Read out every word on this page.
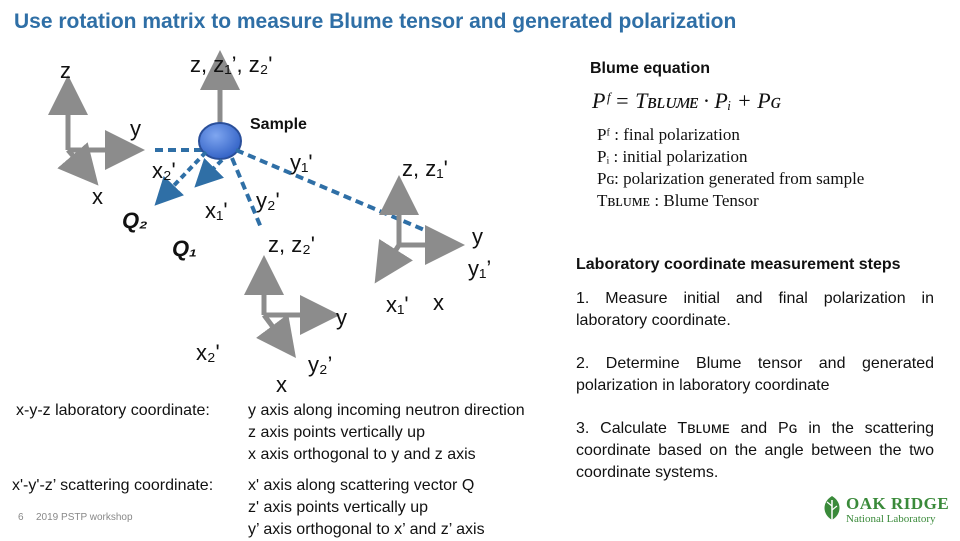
Use rotation matrix to measure Blume tensor and generated polarization
z	z, z₁’, z₂'
y
x
Sample
x₂'	y₁'
x₁' y₂'
Q₂
Q₁
z, z₁'
y
y₁’
x₁' x
z, z₂'
y
x₂'
x
y₂’
Blume equation
Pᶠ = Tʙʟᴜᴍᴇ · Pᵢ + Pɢ
Pᶠ : final polarization
Pᵢ : initial polarization
Pɢ: polarization generated from sample
Tʙʟᴜᴍᴇ : Blume Tensor
Laboratory coordinate measurement steps
1. Measure initial and final polarization in laboratory coordinate.
2. Determine Blume tensor and generated polarization in laboratory coordinate
3. Calculate Tʙʟᴜᴍᴇ and Pɢ in the scattering coordinate based on the angle between the two coordinate systems.
x-y-z laboratory coordinate: y axis along incoming neutron direction
z axis points vertically up
x axis orthogonal to y and z axis
x'-y'-z’ scattering coordinate: x' axis along scattering vector Q
z' axis points vertically up
y’ axis orthogonal to x’ and z’ axis
6 2019 PSTP workshop
OAK RIDGE
National Laboratory
